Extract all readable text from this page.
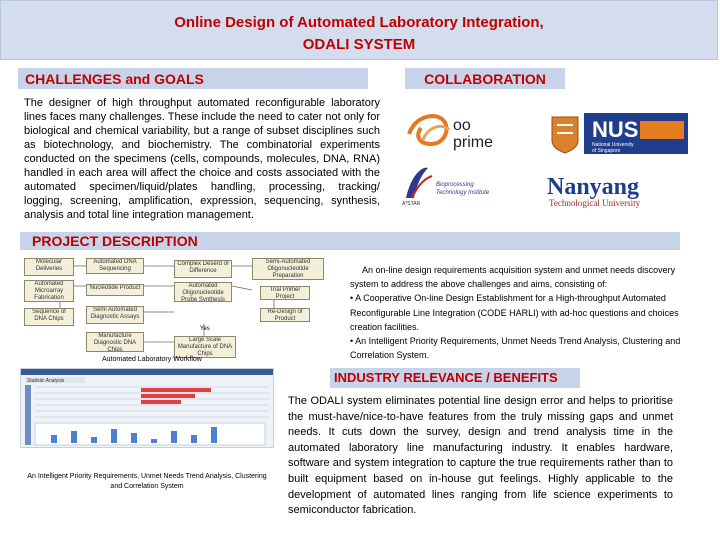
Online Design of Automated Laboratory Integration,
ODALI SYSTEM
CHALLENGES and GOALS
The designer of high throughput automated reconfigurable laboratory lines faces many challenges. These include the need to cater not only for biological and chemical variability, but a range of subset disciplines such as biotechnology, and biochemistry. The combinatorial experiments conducted on the specimens (cells, compounds, molecules, DNA, RNA) handled in each area will affect the choice and costs associated with the automated specimen/liquid/plates handling, processing, tracking/ logging, screening, amplification, expression, sequencing, synthesis, analysis and total line integration management.
COLLABORATION
oo
prime
NUS
National University
of Singapore
Bioprocessing
Technology Institute
A*STAR
Nanyang
Technological University
PROJECT DESCRIPTION
Molecular Deliveries
Automated DNA Sequencing
Complex Deserd of Difference
Semi-Automated Oligonucleotide Preparation
Automated Microarray Fabrication
Nucleotide Product	Automated Oligonucleotide Probe Synthesis
Trial Primer Project
Sequence of DNA Chips
Semi Automated Diagnostic Assays
Re-Design of Product
Manufacture Diagnostic DNA Chips
Large Scale Manufacture of DNA Chips
Yes
Automated Laboratory Workflow
An on-line design requirements acquisition system and unmet needs discovery system to address the above challenges and aims, consisting of:
• A Cooperative On-line Design Establishment for a High-throughput Automated Reconfigurable Line Integration (CODE HARLI) with ad-hoc questions and choices creation facilities.
• An Intelligent Priority Requirements, Unmet Needs Trend Analysis, Clustering and Correlation System.
Statistic Analysis
An Intelligent Priority Requirements, Unmet Needs Trend Analysis, Clustering and Correlation System
INDUSTRY RELEVANCE / BENEFITS
The ODALI system eliminates potential line design error and helps to prioritise the must-have/nice-to-have features from the truly missing gaps and unmet needs. It cuts down the survey, design and trend analysis time in the automated laboratory line manufacturing industry. It enables hardware, software and system integration to capture the true requirements rather than to built equipment based on in-house gut feelings. Highly applicable to the development of automated lines ranging from life science experiments to semiconductor fabrication.
